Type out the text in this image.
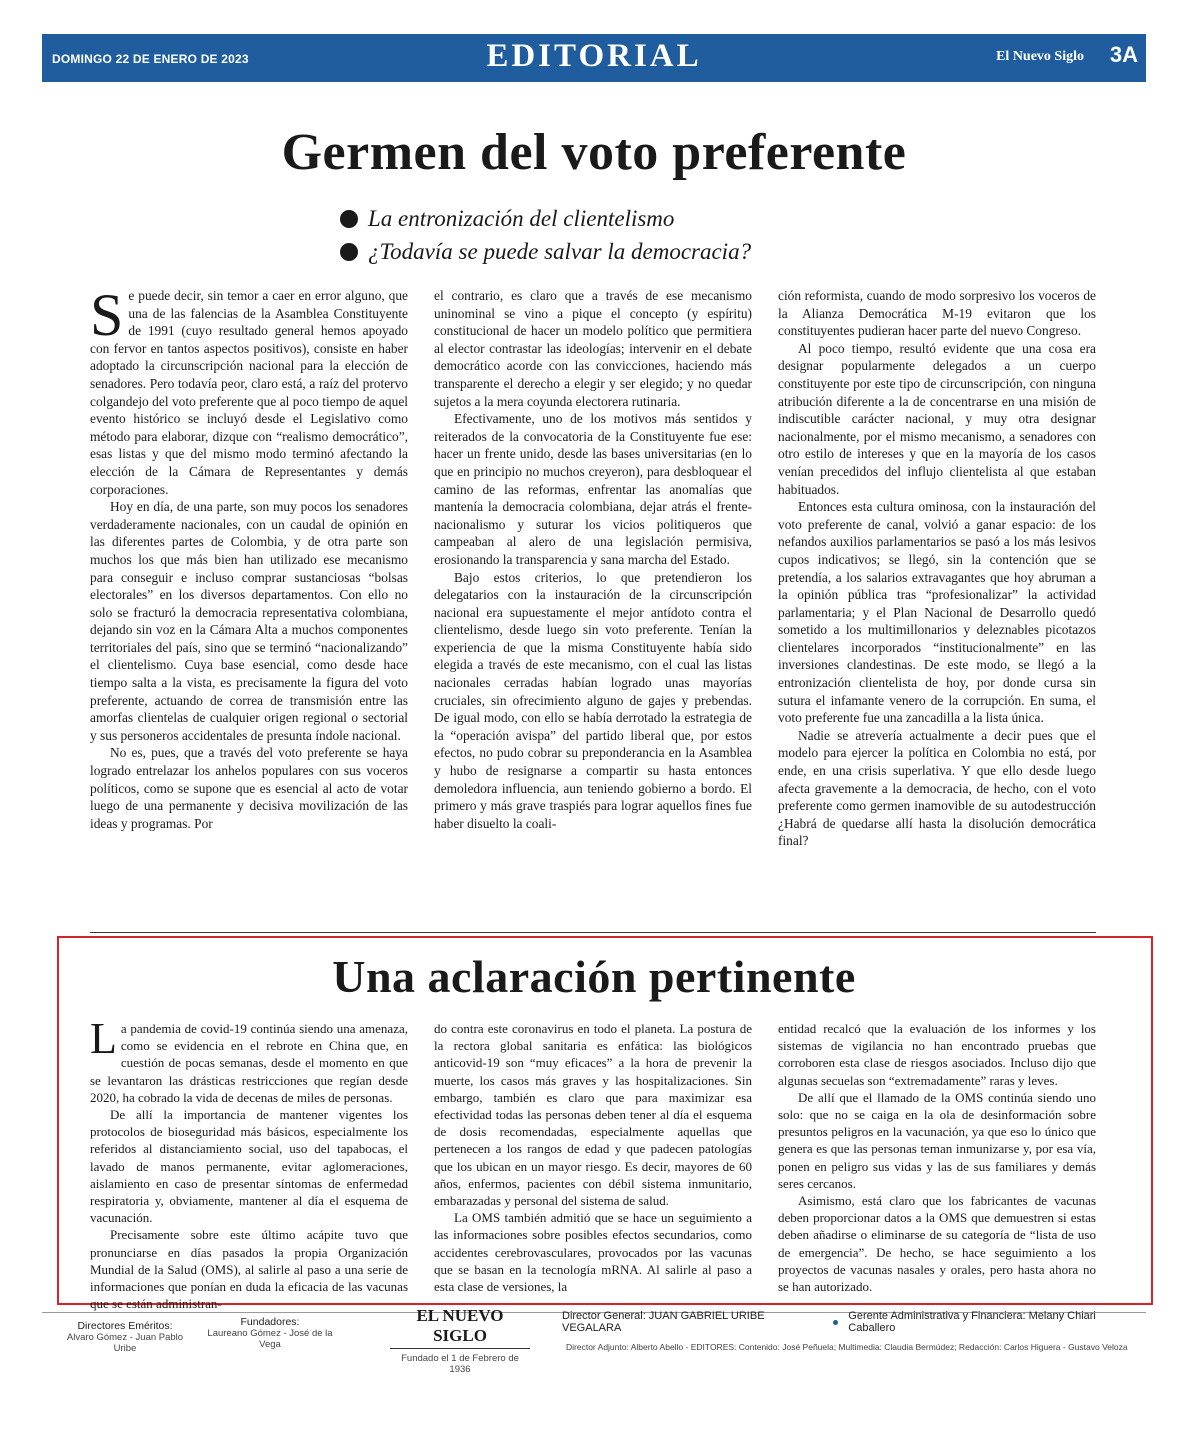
DOMINGO 22 DE ENERO DE 2023	EDITORIAL	El Nuevo Siglo 3A
Germen del voto preferente
La entronización del clientelismo
¿Todavía se puede salvar la democracia?

Se puede decir, sin temor a caer en error alguno, que una de las falencias de la Asamblea Constituyente de 1991 (cuyo resultado general hemos apoyado con fervor en tantos aspectos positivos), consiste en haber adoptado la circunscripción nacional para la elección de senadores. Pero todavía peor, claro está, a raíz del protervo colgandejo del voto preferente que al poco tiempo de aquel evento histórico se incluyó desde el Legislativo como método para elaborar, dizque con “realismo democrático”, esas listas y que del mismo modo terminó afectando la elección de la Cámara de Representantes y demás corporaciones.

Hoy en día, de una parte, son muy pocos los senadores verdaderamente nacionales, con un caudal de opinión en las diferentes partes de Colombia, y de otra parte son muchos los que más bien han utilizado ese mecanismo para conseguir e incluso comprar sustanciosas “bolsas electorales” en los diversos departamentos. Con ello no solo se fracturó la democracia representativa colombiana, dejando sin voz en la Cámara Alta a muchos componentes territoriales del país, sino que se terminó “nacionalizando” el clientelismo. Cuya base esencial, como desde hace tiempo salta a la vista, es precisamente la figura del voto preferente, actuando de correa de transmisión entre las amorfas clientelas de cualquier origen regional o sectorial y sus personeros accidentales de presunta índole nacional.

No es, pues, que a través del voto preferente se haya logrado entrelazar los anhelos populares con sus voceros políticos, como se supone que es esencial al acto de votar luego de una permanente y decisiva movilización de las ideas y programas. Por

el contrario, es claro que a través de ese mecanismo uninominal se vino a pique el concepto (y espíritu) constitucional de hacer un modelo político que permitiera al elector contrastar las ideologías; intervenir en el debate democrático acorde con las convicciones, haciendo más transparente el derecho a elegir y ser elegido; y no quedar sujetos a la mera coyunda electorera rutinaria.

Efectivamente, uno de los motivos más sentidos y reiterados de la convocatoria de la Constituyente fue ese: hacer un frente unido, desde las bases universitarias (en lo que en principio no muchos creyeron), para desbloquear el camino de las reformas, enfrentar las anomalías que mantenía la democracia colombiana, dejar atrás el frente-nacionalismo y suturar los vicios politiqueros que campeaban al alero de una legislación permisiva, erosionando la transparencia y sana marcha del Estado.

Bajo estos criterios, lo que pretendieron los delegatarios con la instauración de la circunscripción nacional era supuestamente el mejor antídoto contra el clientelismo, desde luego sin voto preferente. Tenían la experiencia de que la misma Constituyente había sido elegida a través de este mecanismo, con el cual las listas nacionales cerradas habían logrado unas mayorías cruciales, sin ofrecimiento alguno de gajes y prebendas. De igual modo, con ello se había derrotado la estrategia de la “operación avispa” del partido liberal que, por estos efectos, no pudo cobrar su preponderancia en la Asamblea y hubo de resignarse a compartir su hasta entonces demoledora influencia, aun teniendo gobierno a bordo. El primero y más grave traspiés para lograr aquellos fines fue haber disuelto la coali-

ción reformista, cuando de modo sorpresivo los voceros de la Alianza Democrática M-19 evitaron que los constituyentes pudieran hacer parte del nuevo Congreso.

Al poco tiempo, resultó evidente que una cosa era designar popularmente delegados a un cuerpo constituyente por este tipo de circunscripción, con ninguna atribución diferente a la de concentrarse en una misión de indiscutible carácter nacional, y muy otra designar nacionalmente, por el mismo mecanismo, a senadores con otro estilo de intereses y que en la mayoría de los casos venían precedidos del influjo clientelista al que estaban habituados.

Entonces esta cultura ominosa, con la instauración del voto preferente de canal, volvió a ganar espacio: de los nefandos auxilios parlamentarios se pasó a los más lesivos cupos indicativos; se llegó, sin la contención que se pretendía, a los salarios extravagantes que hoy abruman a la opinión pública tras “profesionalizar” la actividad parlamentaria; y el Plan Nacional de Desarrollo quedó sometido a los multimillonarios y deleznables picotazos clientelares incorporados “institucionalmente” en las inversiones clandestinas. De este modo, se llegó a la entronización clientelista de hoy, por donde cursa sin sutura el infamante venero de la corrupción. En suma, el voto preferente fue una zancadilla a la lista única.

Nadie se atrevería actualmente a decir pues que el modelo para ejercer la política en Colombia no está, por ende, en una crisis superlativa. Y que ello desde luego afecta gravemente a la democracia, de hecho, con el voto preferente como germen inamovible de su autodestrucción ¿Habrá de quedarse allí hasta la disolución democrática final?

Una aclaración pertinente

La pandemia de covid-19 continúa siendo una amenaza, como se evidencia en el rebrote en China que, en cuestión de pocas semanas, desde el momento en que se levantaron las drásticas restricciones que regían desde 2020, ha cobrado la vida de decenas de miles de personas.

De allí la importancia de mantener vigentes los protocolos de bioseguridad más básicos, especialmente los referidos al distanciamiento social, uso del tapabocas, el lavado de manos permanente, evitar aglomeraciones, aislamiento en caso de presentar síntomas de enfermedad respiratoria y, obviamente, mantener al día el esquema de vacunación.

Precisamente sobre este último acápite tuvo que pronunciarse en días pasados la propia Organización Mundial de la Salud (OMS), al salirle al paso a una serie de informaciones que ponían en duda la eficacia de las vacunas que se están administran-

do contra este coronavirus en todo el planeta. La postura de la rectora global sanitaria es enfática: las biológicos anticovid-19 son “muy eficaces” a la hora de prevenir la muerte, los casos más graves y las hospitalizaciones. Sin embargo, también es claro que para maximizar esa efectividad todas las personas deben tener al día el esquema de dosis recomendadas, especialmente aquellas que pertenecen a los rangos de edad y que padecen patologías que los ubican en un mayor riesgo. Es decir, mayores de 60 años, enfermos, pacientes con débil sistema inmunitario, embarazadas y personal del sistema de salud.

La OMS también admitió que se hace un seguimiento a las informaciones sobre posibles efectos secundarios, como accidentes cerebrovasculares, provocados por las vacunas que se basan en la tecnología mRNA. Al salirle al paso a esta clase de versiones, la

entidad recalcó que la evaluación de los informes y los sistemas de vigilancia no han encontrado pruebas que corroboren esta clase de riesgos asociados. Incluso dijo que algunas secuelas son “extremadamente” raras y leves.

De allí que el llamado de la OMS continúa siendo uno solo: que no se caiga en la ola de desinformación sobre presuntos peligros en la vacunación, ya que eso lo único que genera es que las personas teman inmunizarse y, por esa vía, ponen en peligro sus vidas y las de sus familiares y demás seres cercanos.

Asimismo, está claro que los fabricantes de vacunas deben proporcionar datos a la OMS que demuestren si estas deben añadirse o eliminarse de su categoría de “lista de uso de emergencia”. De hecho, se hace seguimiento a los proyectos de vacunas nasales y orales, pero hasta ahora no se han autorizado.

Directores Eméritos:
Alvaro Gómez - Juan Pablo Uribe
Fundadores:
Laureano Gómez - José de la Vega
EL NUEVO SIGLO
Fundado el 1 de Febrero de 1936
Director General: JUAN GABRIEL URIBE VEGALARA
Gerente Administrativa y Financiera: Melany Chiari Caballero
Director Adjunto: Alberto Abello - EDITORES: Contenido: José Peñuela; Multimedia: Claudia Bermúdez; Redacción: Carlos Higuera - Gustavo Veloza
